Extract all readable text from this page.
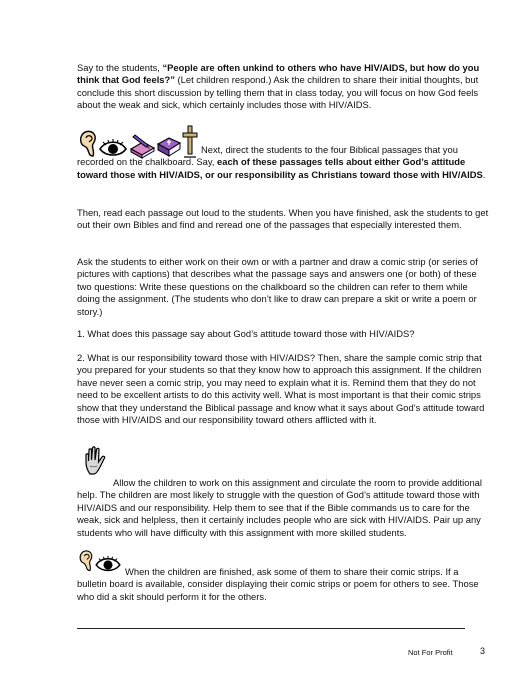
Say to the students, “People are often unkind to others who have HIV/AIDS, but how do you think that God feels?” (Let children respond.) Ask the children to share their initial thoughts, but conclude this short discussion by telling them that in class today, you will focus on how God feels about the weak and sick, which certainly includes those with HIV/AIDS.

Next, direct the students to the four Biblical passages that you recorded on the chalkboard. Say, each of these passages tells about either God’s attitude toward those with HIV/AIDS, or our responsibility as Christians toward those with HIV/AIDS.

Then, read each passage out loud to the students. When you have finished, ask the students to get out their own Bibles and find and reread one of the passages that especially interested them.

Ask the students to either work on their own or with a partner and draw a comic strip (or series of pictures with captions) that describes what the passage says and answers one (or both) of these two questions: Write these questions on the chalkboard so the children can refer to them while doing the assignment. (The students who don’t like to draw can prepare a skit or write a poem or story.)

1. What does this passage say about God’s attitude toward those with HIV/AIDS?

2. What is our responsibility toward those with HIV/AIDS? Then, share the sample comic strip that you prepared for your students so that they know how to approach this assignment. If the children have never seen a comic strip, you may need to explain what it is. Remind them that they do not need to be excellent artists to do this activity well. What is most important is that their comic strips show that they understand the Biblical passage and know what it says about God’s attitude toward those with HIV/AIDS and our responsibility toward others afflicted with it.

Allow the children to work on this assignment and circulate the room to provide additional help. The children are most likely to struggle with the question of God’s attitude toward those with HIV/AIDS and our responsibility. Help them to see that if the Bible commands us to care for the weak, sick and helpless, then it certainly includes people who are sick with HIV/AIDS. Pair up any students who will have difficulty with this assignment with more skilled students.

When the children are finished, ask some of them to share their comic strips. If a bulletin board is available, consider displaying their comic strips or poem for others to see. Those who did a skit should perform it for the others.

Not For Profit	3
